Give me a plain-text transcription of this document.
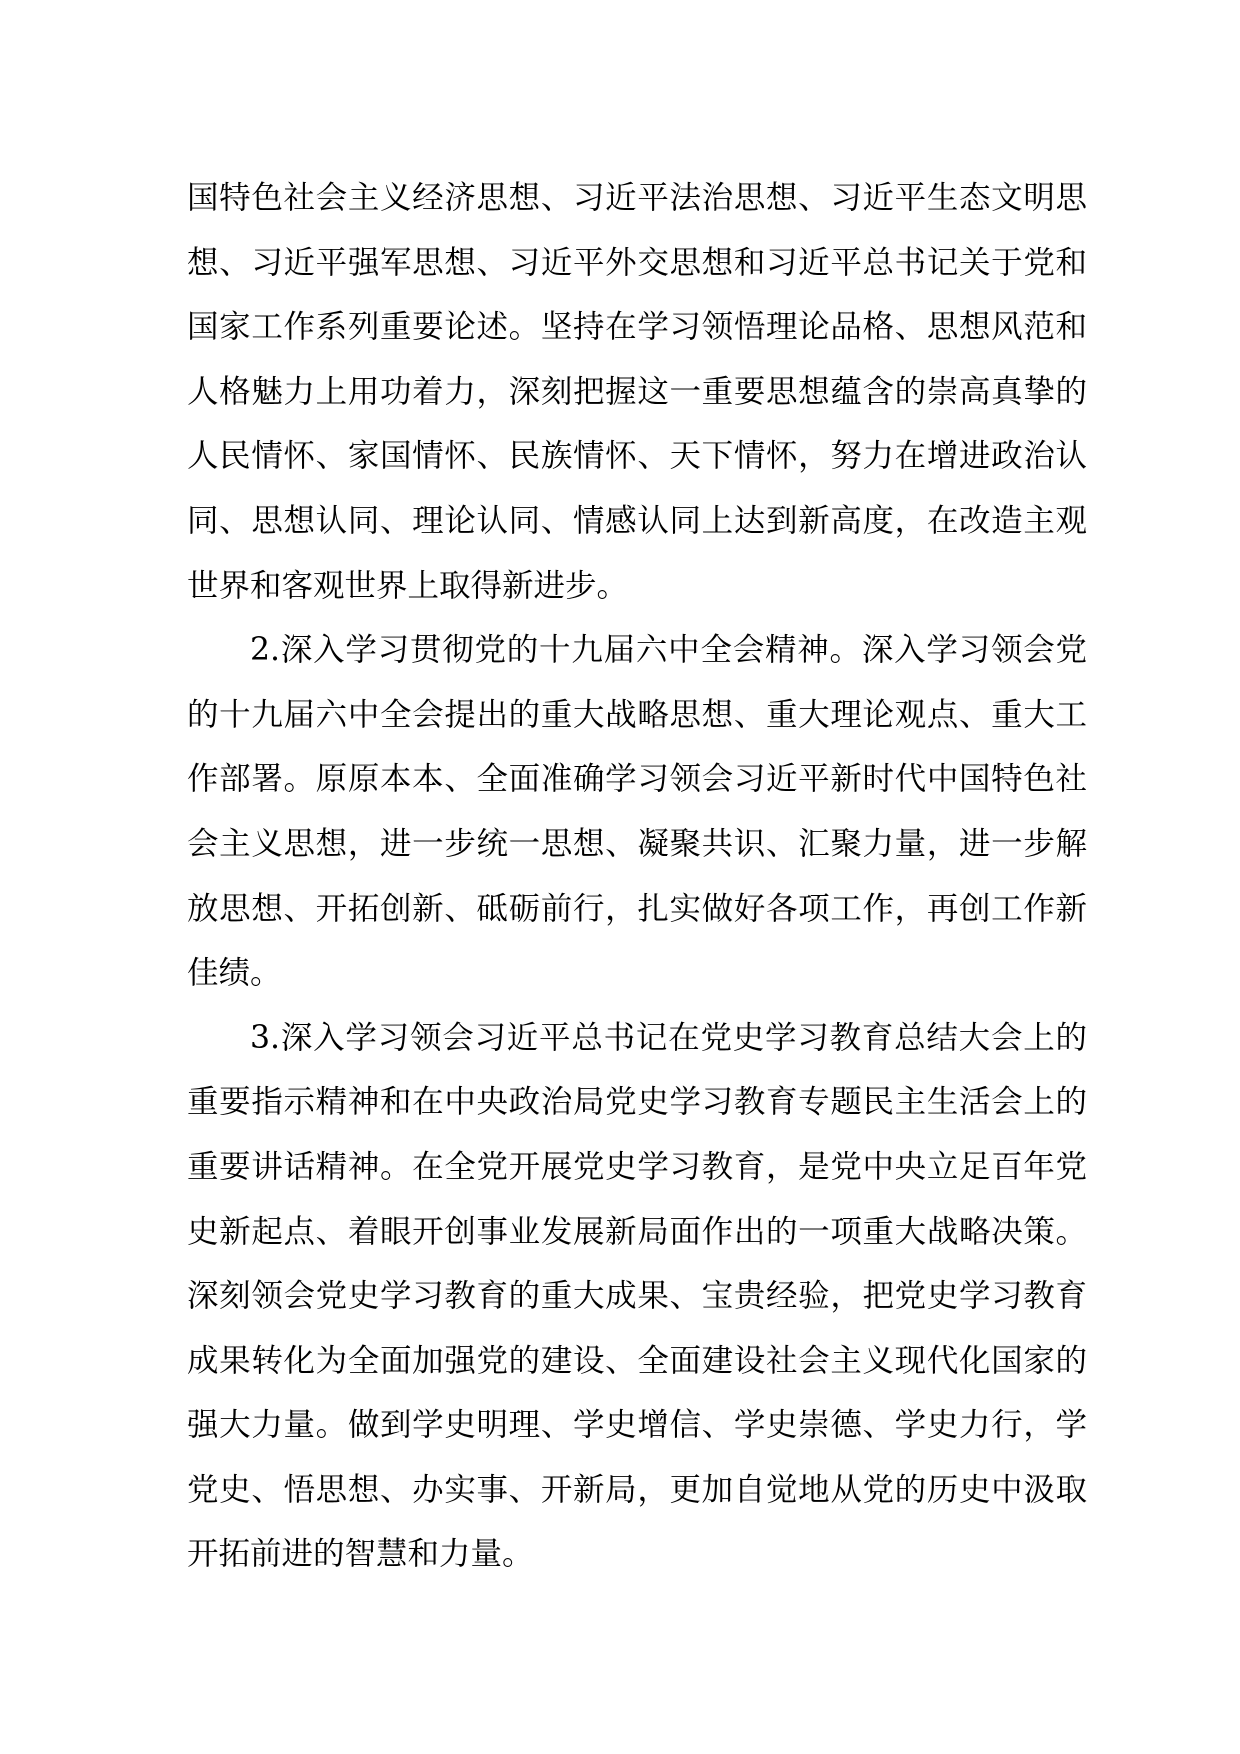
国特色社会主义经济思想、习近平法治思想、习近平生态文明思想、习近平强军思想、习近平外交思想和习近平总书记关于党和国家工作系列重要论述。坚持在学习领悟理论品格、思想风范和人格魅力上用功着力，深刻把握这一重要思想蕴含的崇高真挚的人民情怀、家国情怀、民族情怀、天下情怀，努力在增进政治认同、思想认同、理论认同、情感认同上达到新高度，在改造主观世界和客观世界上取得新进步。

2.深入学习贯彻党的十九届六中全会精神。深入学习领会党的十九届六中全会提出的重大战略思想、重大理论观点、重大工作部署。原原本本、全面准确学习领会习近平新时代中国特色社会主义思想，进一步统一思想、凝聚共识、汇聚力量，进一步解放思想、开拓创新、砥砺前行，扎实做好各项工作，再创工作新佳绩。

3.深入学习领会习近平总书记在党史学习教育总结大会上的重要指示精神和在中央政治局党史学习教育专题民主生活会上的重要讲话精神。在全党开展党史学习教育，是党中央立足百年党史新起点、着眼开创事业发展新局面作出的一项重大战略决策。深刻领会党史学习教育的重大成果、宝贵经验，把党史学习教育成果转化为全面加强党的建设、全面建设社会主义现代化国家的强大力量。做到学史明理、学史增信、学史崇德、学史力行，学党史、悟思想、办实事、开新局，更加自觉地从党的历史中汲取开拓前进的智慧和力量。
